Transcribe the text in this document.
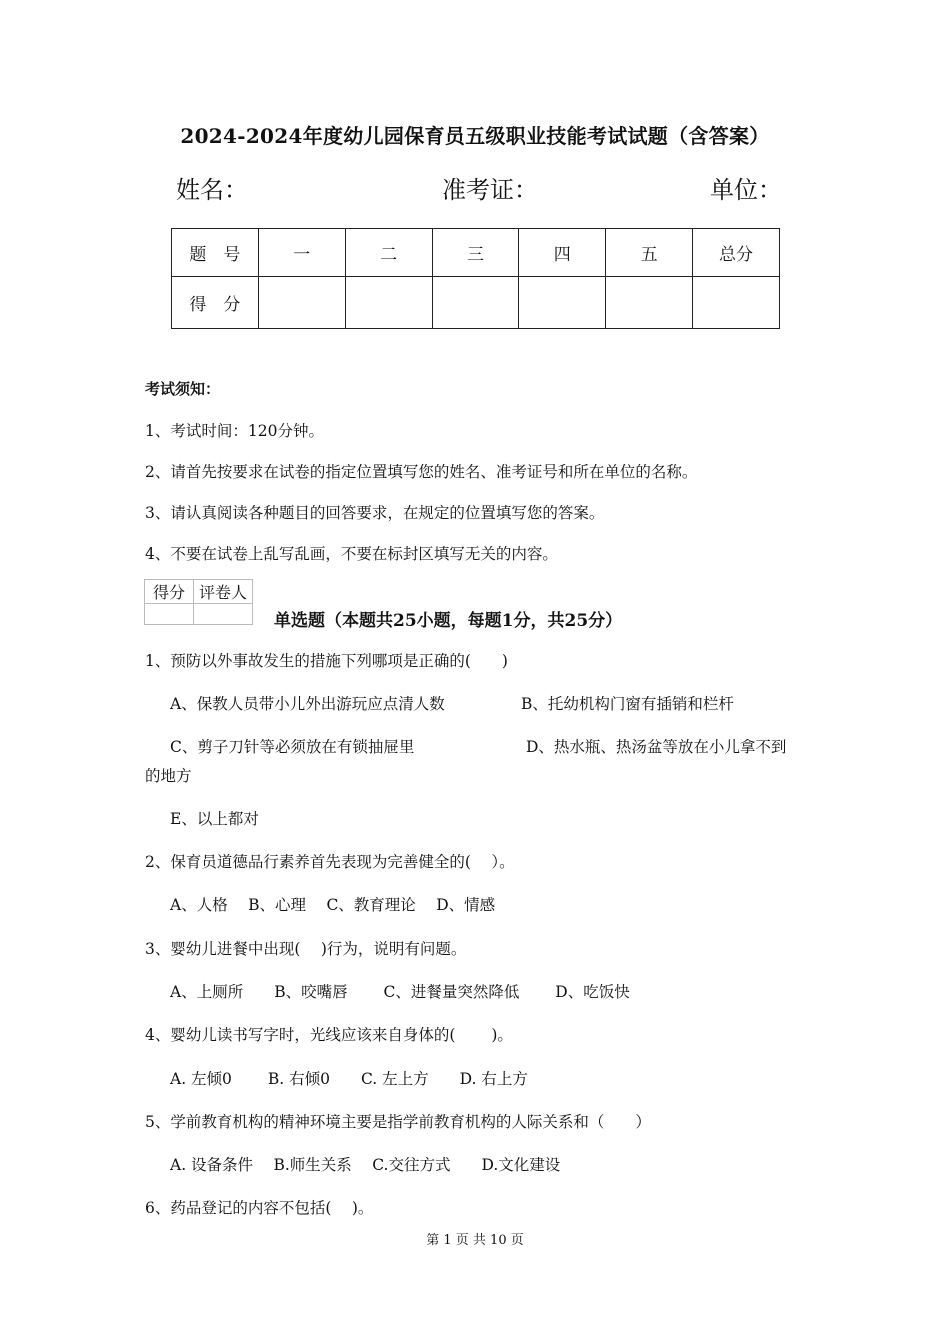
2024-2024年度幼儿园保育员五级职业技能考试试题（含答案）
姓名：	准考证：	单位：
题　号	一	二	三	四	五	总分
得　分						
考试须知：
1、考试时间：120分钟。
2、请首先按要求在试卷的指定位置填写您的姓名、准考证号和所在单位的名称。
3、请认真阅读各种题目的回答要求，在规定的位置填写您的答案。
4、不要在试卷上乱写乱画，不要在标封区填写无关的内容。
得分	评卷人

单选题（本题共25小题，每题1分，共25分）
1、预防以外事故发生的措施下列哪项是正确的(　　)
A、保教人员带小儿外出游玩应点清人数	B、托幼机构门窗有插销和栏杆
C、剪子刀针等必须放在有锁抽屉里	D、热水瓶、热汤盆等放在小儿拿不到
的地方
E、以上都对
2、保育员道德品行素养首先表现为完善健全的(　 ）。
A、人格　 B、心理　 C、教育理论　 D、情感
3、婴幼儿进餐中出现(　 )行为，说明有问题。
A、上厕所　　B、咬嘴唇　　 C、进餐量突然降低　　 D、吃饭快
4、婴幼儿读书写字时，光线应该来自身体的(　　 )。
A. 左倾0　　 B. 右倾0　　C. 左上方　　D. 右上方
5、学前教育机构的精神环境主要是指学前教育机构的人际关系和（　　）
A. 设备条件　 B.师生关系　 C.交往方式　　D.文化建设
6、药品登记的内容不包括(　 )。
第 1 页 共 10 页
